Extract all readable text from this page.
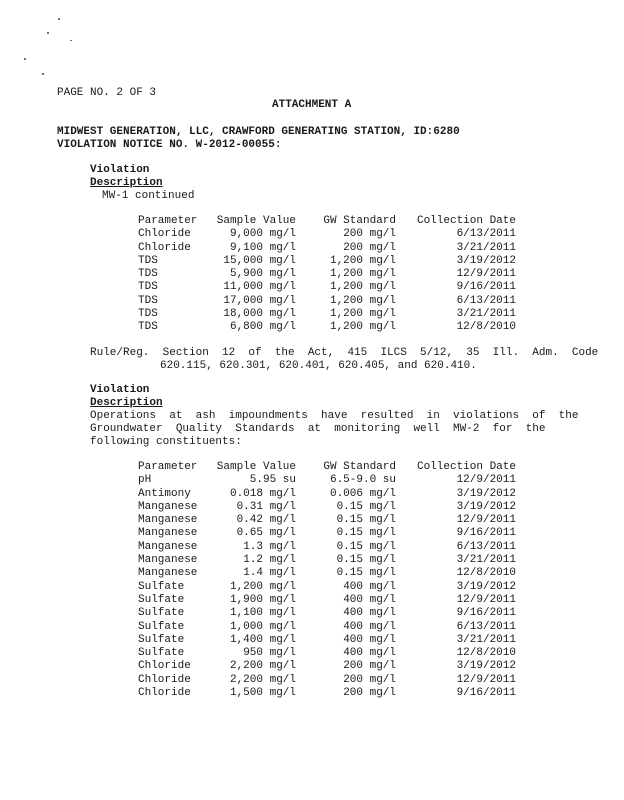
PAGE NO. 2 OF 3
ATTACHMENT A
MIDWEST GENERATION, LLC, CRAWFORD GENERATING STATION, ID:6280
VIOLATION NOTICE NO. W-2012-00055:
Violation
Description
MW-1 continued
Parameter	Sample Value	GW Standard	Collection Date
Chloride	9,000 mg/l	200 mg/l	6/13/2011
Chloride	9,100 mg/l	200 mg/l	3/21/2011
TDS	15,000 mg/l	1,200 mg/l	3/19/2012
TDS	5,900 mg/l	1,200 mg/l	12/9/2011
TDS	11,000 mg/l	1,200 mg/l	9/16/2011
TDS	17,000 mg/l	1,200 mg/l	6/13/2011
TDS	18,000 mg/l	1,200 mg/l	3/21/2011
TDS	6,800 mg/l	1,200 mg/l	12/8/2010
Rule/Reg.  Section  12  of  the  Act,  415  ILCS  5/12,  35  Ill.  Adm.  Code
620.115, 620.301, 620.401, 620.405, and 620.410.
Violation
Description
Operations  at  ash  impoundments  have  resulted  in  violations  of  the
Groundwater  Quality  Standards  at  monitoring  well  MW-2  for  the
following constituents:
Parameter	Sample Value	GW Standard	Collection Date
pH	5.95 su	6.5-9.0 su	12/9/2011
Antimony	0.018 mg/l	0.006 mg/l	3/19/2012
Manganese	0.31 mg/l	0.15 mg/l	3/19/2012
Manganese	0.42 mg/l	0.15 mg/l	12/9/2011
Manganese	0.65 mg/l	0.15 mg/l	9/16/2011
Manganese	1.3 mg/l	0.15 mg/l	6/13/2011
Manganese	1.2 mg/l	0.15 mg/l	3/21/2011
Manganese	1.4 mg/l	0.15 mg/l	12/8/2010
Sulfate	1,200 mg/l	400 mg/l	3/19/2012
Sulfate	1,900 mg/l	400 mg/l	12/9/2011
Sulfate	1,100 mg/l	400 mg/l	9/16/2011
Sulfate	1,000 mg/l	400 mg/l	6/13/2011
Sulfate	1,400 mg/l	400 mg/l	3/21/2011
Sulfate	950 mg/l	400 mg/l	12/8/2010
Chloride	2,200 mg/l	200 mg/l	3/19/2012
Chloride	2,200 mg/l	200 mg/l	12/9/2011
Chloride	1,500 mg/l	200 mg/l	9/16/2011
